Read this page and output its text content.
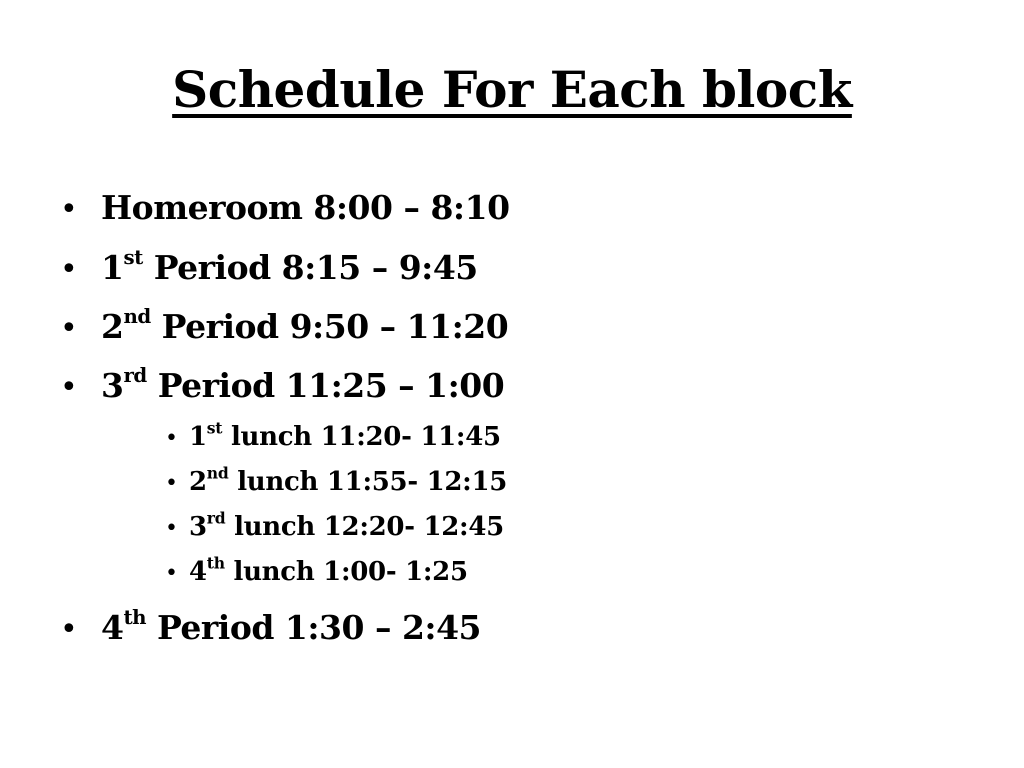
Schedule For Each block
• Homeroom 8:00 – 8:10
• 1st Period 8:15 – 9:45
• 2nd Period 9:50 – 11:20
• 3rd Period 11:25 – 1:00
• 1st lunch 11:20- 11:45
• 2nd lunch 11:55- 12:15
• 3rd lunch 12:20- 12:45
• 4th lunch 1:00- 1:25
• 4th Period 1:30 – 2:45
